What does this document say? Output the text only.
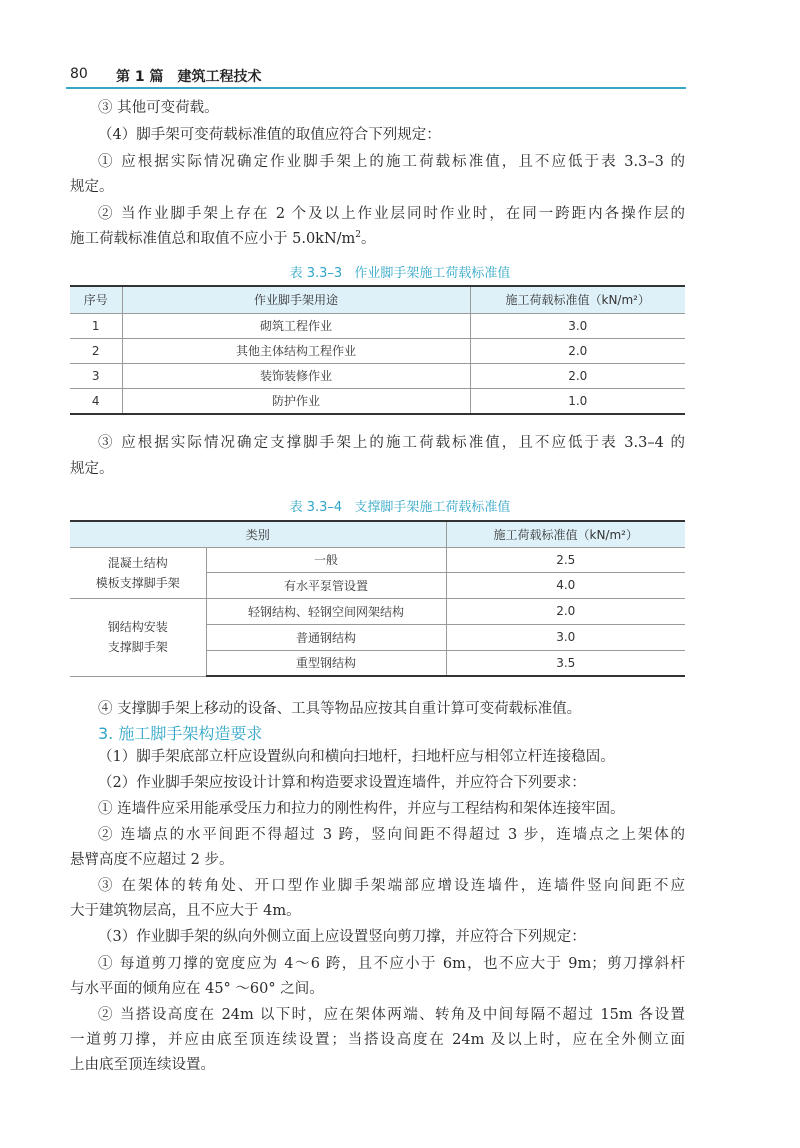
80 第 1 篇　建筑工程技术
③ 其他可变荷载。
（4）脚手架可变荷载标准值的取值应符合下列规定：
① 应根据实际情况确定作业脚手架上的施工荷载标准值，且不应低于表 3.3–3 的
规定。
② 当作业脚手架上存在 2 个及以上作业层同时作业时，在同一跨距内各操作层的
施工荷载标准值总和取值不应小于 $5.0kN/m^2$。
表 3.3–3 作业脚手架施工荷载标准值
序号	作业脚手架用途	施工荷载标准值（kN/m²）
1	砌筑工程作业	3.0
2	其他主体结构工程作业	2.0
3	装饰装修作业	2.0
4	防护作业	1.0
③ 应根据实际情况确定支撑脚手架上的施工荷载标准值，且不应低于表 3.3–4 的
规定。
表 3.3–4 支撑脚手架施工荷载标准值
类别		施工荷载标准值（kN/m²）

混凝土结构
模板支撑脚手架	一般	2.5
	有水平泵管设置	4.0

钢结构安装
支撑脚手架	轻钢结构、轻钢空间网架结构	2.0
	普通钢结构	3.0
	重型钢结构	3.5
④ 支撑脚手架上移动的设备、工具等物品应按其自重计算可变荷载标准值。
3. 施工脚手架构造要求
（1）脚手架底部立杆应设置纵向和横向扫地杆，扫地杆应与相邻立杆连接稳固。
（2）作业脚手架应按设计计算和构造要求设置连墙件，并应符合下列要求：
① 连墙件应采用能承受压力和拉力的刚性构件，并应与工程结构和架体连接牢固。
② 连墙点的水平间距不得超过 3 跨，竖向间距不得超过 3 步，连墙点之上架体的
悬臂高度不应超过 2 步。
③ 在架体的转角处、开口型作业脚手架端部应增设连墙件，连墙件竖向间距不应
大于建筑物层高，且不应大于 4m。
（3）作业脚手架的纵向外侧立面上应设置竖向剪刀撑，并应符合下列规定：
① 每道剪刀撑的宽度应为 4～6 跨，且不应小于 6m，也不应大于 9m；剪刀撑斜杆
与水平面的倾角应在 45° ～60° 之间。
② 当搭设高度在 24m 以下时，应在架体两端、转角及中间每隔不超过 15m 各设置
一道剪刀撑，并应由底至顶连续设置；当搭设高度在 24m 及以上时，应在全外侧立面
上由底至顶连续设置。
